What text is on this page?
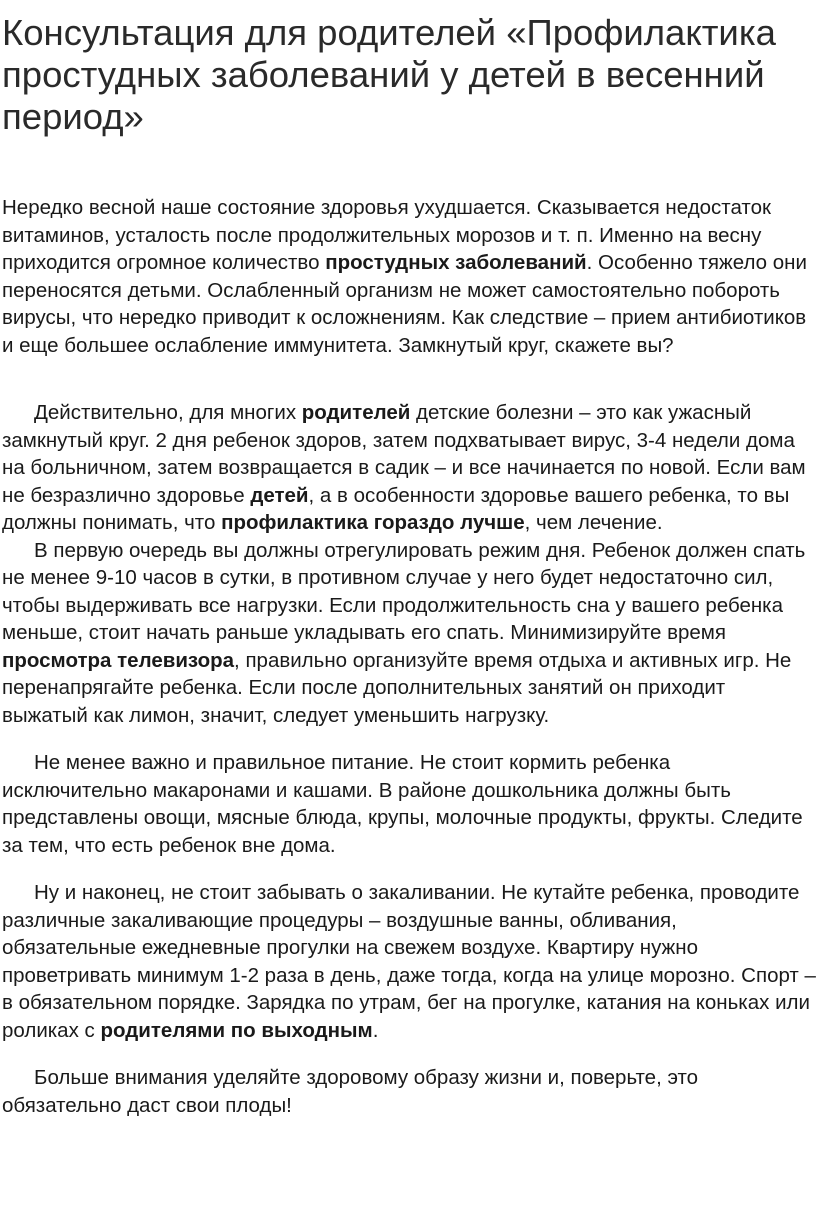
Консультация для родителей «Профилактика простудных заболеваний у детей в весенний период»

Нередко весной наше состояние здоровья ухудшается. Сказывается недостаток витаминов, усталость после продолжительных морозов и т. п. Именно на весну приходится огромное количество простудных заболеваний. Особенно тяжело они переносятся детьми. Ослабленный организм не может самостоятельно побороть вирусы, что нередко приводит к осложнениям. Как следствие – прием антибиотиков и еще большее ослабление иммунитета. Замкнутый круг, скажете вы?

Действительно, для многих родителей детские болезни – это как ужасный замкнутый круг. 2 дня ребенок здоров, затем подхватывает вирус, 3-4 недели дома на больничном, затем возвращается в садик – и все начинается по новой. Если вам не безразлично здоровье детей, а в особенности здоровье вашего ребенка, то вы должны понимать, что профилактика гораздо лучше, чем лечение.

В первую очередь вы должны отрегулировать режим дня. Ребенок должен спать не менее 9-10 часов в сутки, в противном случае у него будет недостаточно сил, чтобы выдерживать все нагрузки. Если продолжительность сна у вашего ребенка меньше, стоит начать раньше укладывать его спать. Минимизируйте время просмотра телевизора, правильно организуйте время отдыха и активных игр. Не перенапрягайте ребенка. Если после дополнительных занятий он приходит выжатый как лимон, значит, следует уменьшить нагрузку.

Не менее важно и правильное питание. Не стоит кормить ребенка исключительно макаронами и кашами. В районе дошкольника должны быть представлены овощи, мясные блюда, крупы, молочные продукты, фрукты. Следите за тем, что есть ребенок вне дома.

Ну и наконец, не стоит забывать о закаливании. Не кутайте ребенка, проводите различные закаливающие процедуры – воздушные ванны, обливания, обязательные ежедневные прогулки на свежем воздухе. Квартиру нужно проветривать минимум 1-2 раза в день, даже тогда, когда на улице морозно. Спорт – в обязательном порядке. Зарядка по утрам, бег на прогулке, катания на коньках или роликах с родителями по выходным.

Больше внимания уделяйте здоровому образу жизни и, поверьте, это обязательно даст свои плоды!
